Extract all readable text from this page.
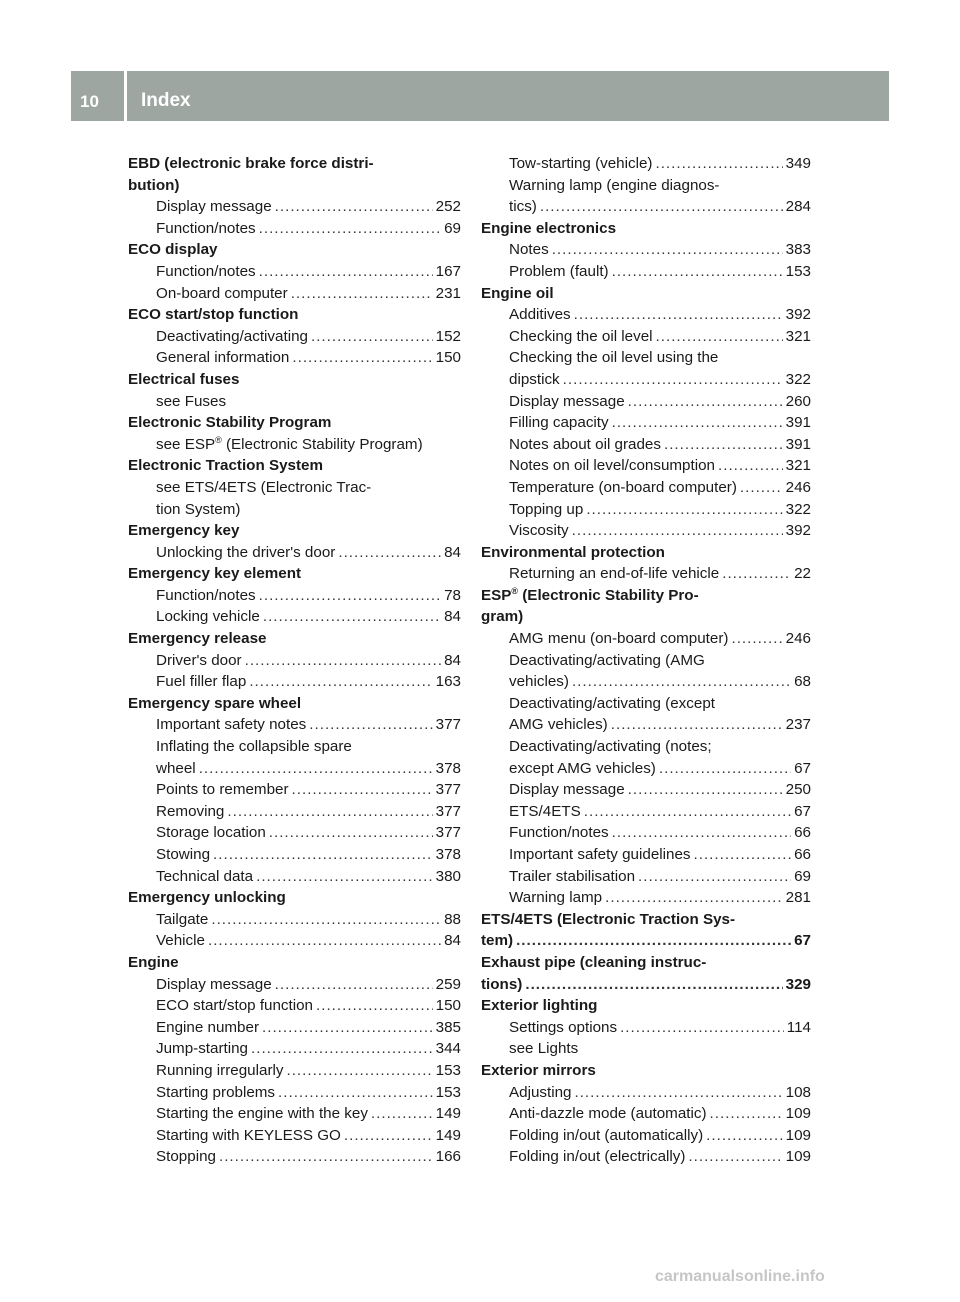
10 Index
EBD (electronic brake force distri-
bution)
Display message .....	252
Function/notes .....	69
ECO display
Function/notes .....	167
On-board computer .....	231
ECO start/stop function
Deactivating/activating .....	152
General information .....	150
Electrical fuses
see Fuses
Electronic Stability Program
see ESP® (Electronic Stability Program)
Electronic Traction System
see ETS/4ETS (Electronic Trac-
tion System)
Emergency key
Unlocking the driver's door .....	84
Emergency key element
Function/notes .....	78
Locking vehicle .....	84
Emergency release
Driver's door .....	84
Fuel filler flap .....	163
Emergency spare wheel
Important safety notes .....	377
Inflating the collapsible spare
wheel .....	378
Points to remember .....	377
Removing .....	377
Storage location .....	377
Stowing .....	378
Technical data .....	380
Emergency unlocking
Tailgate .....	88
Vehicle .....	84
Engine
Display message .....	259
ECO start/stop function .....	150
Engine number .....	385
Jump-starting .....	344
Running irregularly .....	153
Starting problems .....	153
Starting the engine with the key .....	149
Starting with KEYLESS GO .....	149
Stopping .....	166
Tow-starting (vehicle) .....	349
Warning lamp (engine diagnos-
tics) .....	284
Engine electronics
Notes .....	383
Problem (fault) .....	153
Engine oil
Additives .....	392
Checking the oil level .....	321
Checking the oil level using the
dipstick .....	322
Display message .....	260
Filling capacity .....	391
Notes about oil grades .....	391
Notes on oil level/consumption .....	321
Temperature (on-board computer) .....	246
Topping up .....	322
Viscosity .....	392
Environmental protection
Returning an end-of-life vehicle .....	22
ESP® (Electronic Stability Pro-
gram)
AMG menu (on-board computer) .....	246
Deactivating/activating (AMG
vehicles) .....	68
Deactivating/activating (except
AMG vehicles) .....	237
Deactivating/activating (notes;
except AMG vehicles) .....	67
Display message .....	250
ETS/4ETS .....	67
Function/notes .....	66
Important safety guidelines .....	66
Trailer stabilisation .....	69
Warning lamp .....	281
ETS/4ETS (Electronic Traction Sys-
tem) .....	67
Exhaust pipe (cleaning instruc-
tions) .....	329
Exterior lighting
Settings options .....	114
see Lights
Exterior mirrors
Adjusting .....	108
Anti-dazzle mode (automatic) .....	109
Folding in/out (automatically) .....	109
Folding in/out (electrically) .....	109
carmanualsonline.info
